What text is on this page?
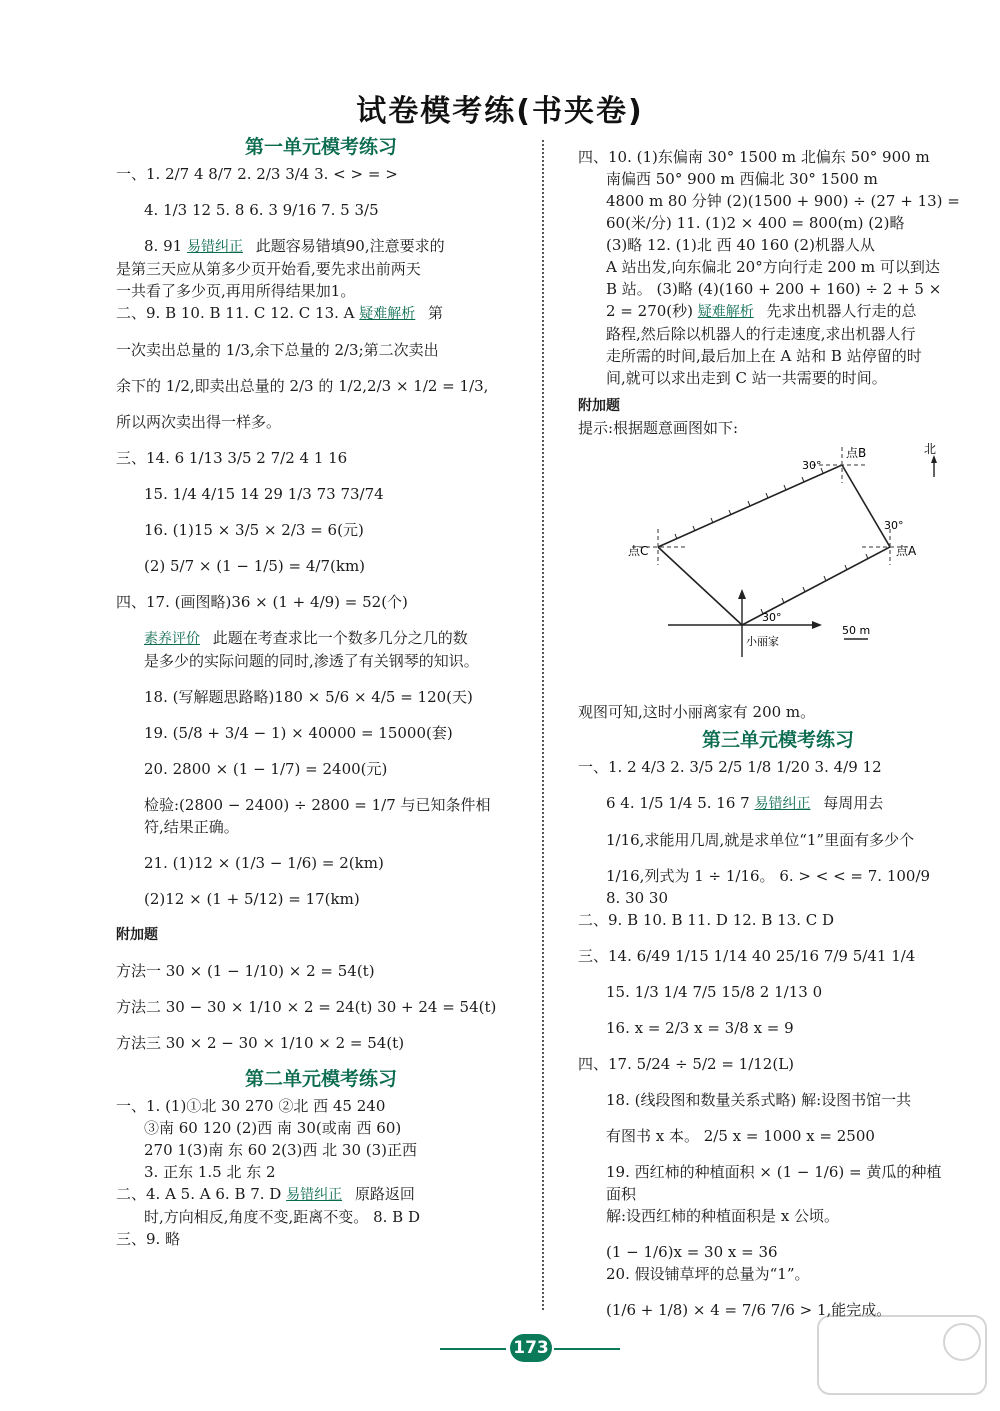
试卷模考练(书夹卷)
第一单元模考练习

一、1. 2/7 4 8/7 2. 2/3 3/4 3. < > = >

4. 1/3 12 5. 8 6. 3 9/16 7. 5 3/5

8. 91 易错纠正 此题容易错填90,注意要求的

是第三天应从第多少页开始看,要先求出前两天

一共看了多少页,再用所得结果加1。

二、9. B 10. B 11. C 12. C 13. A 疑难解析 第

一次卖出总量的 1/3,余下总量的 2/3;第二次卖出

余下的 1/2,即卖出总量的 2/3 的 1/2,2/3 × 1/2 = 1/3,

所以两次卖出得一样多。

三、14. 6 1/13 3/5 2 7/2 4 1 16

15. 1/4 4/15 14 29 1/3 73 73/74

16. (1)15 × 3/5 × 2/3 = 6(元)

(2) 5/7 × (1 − 1/5) = 4/7(km)

四、17. (画图略)36 × (1 + 4/9) = 52(个)

素养评价 此题在考查求比一个数多几分之几的数

是多少的实际问题的同时,渗透了有关钢琴的知识。

18. (写解题思路略)180 × 5/6 × 4/5 = 120(天)

19. (5/8 + 3/4 − 1) × 40000 = 15000(套)

20. 2800 × (1 − 1/7) = 2400(元)

检验:(2800 − 2400) ÷ 2800 = 1/7 与已知条件相

符,结果正确。

21. (1)12 × (1/3 − 1/6) = 2(km)

(2)12 × (1 + 5/12) = 17(km)

附加题

方法一 30 × (1 − 1/10) × 2 = 54(t)

方法二 30 − 30 × 1/10 × 2 = 24(t) 30 + 24 = 54(t)

方法三 30 × 2 − 30 × 1/10 × 2 = 54(t)

第二单元模考练习

一、1. (1)①北 30 270 ②北 西 45 240

③南 60 120 (2)西 南 30(或南 西 60)

270 1(3)南 东 60 2(3)西 北 30 (3)正西

3. 正东 1.5 北 东 2

二、4. A 5. A 6. B 7. D 易错纠正 原路返回

时,方向相反,角度不变,距离不变。 8. B D

三、9. 略

四、10. (1)东偏南 30° 1500 m 北偏东 50° 900 m

南偏西 50° 900 m 西偏北 30° 1500 m

4800 m 80 分钟 (2)(1500 + 900) ÷ (27 + 13) =

60(米/分) 11. (1)2 × 400 = 800(m) (2)略

(3)略 12. (1)北 西 40 160 (2)机器人从

A 站出发,向东偏北 20°方向行走 200 m 可以到达

B 站。 (3)略 (4)(160 + 200 + 160) ÷ 2 + 5 ×

2 = 270(秒) 疑难解析 先求出机器人行走的总

路程,然后除以机器人的行走速度,求出机器人行

走所需的时间,最后加上在 A 站和 B 站停留的时

间,就可以求出走到 C 站一共需要的时间。

附加题

提示:根据题意画图如下:

点B
点A
点C
小丽家
北
50 m
30°
30°
30°

观图可知,这时小丽离家有 200 m。

第三单元模考练习

一、1. 2 4/3 2. 3/5 2/5 1/8 1/20 3. 4/9 12

6 4. 1/5 1/4 5. 16 7 易错纠正 每周用去

1/16,求能用几周,就是求单位“1”里面有多少个

1/16,列式为 1 ÷ 1/16。 6. > < < = 7. 100/9

8. 30 30

二、9. B 10. B 11. D 12. B 13. C D

三、14. 6/49 1/15 1/14 40 25/16 7/9 5/41 1/4

15. 1/3 1/4 7/5 15/8 2 1/13 0

16. x = 2/3 x = 3/8 x = 9

四、17. 5/24 ÷ 5/2 = 1/12(L)

18. (线段图和数量关系式略) 解:设图书馆一共

有图书 x 本。 2/5 x = 1000 x = 2500

19. 西红柿的种植面积 × (1 − 1/6) = 黄瓜的种植

面积

解:设西红柿的种植面积是 x 公顷。

(1 − 1/6)x = 30 x = 36

20. 假设铺草坪的总量为“1”。

(1/6 + 1/8) × 4 = 7/6 7/6 > 1,能完成。

173
